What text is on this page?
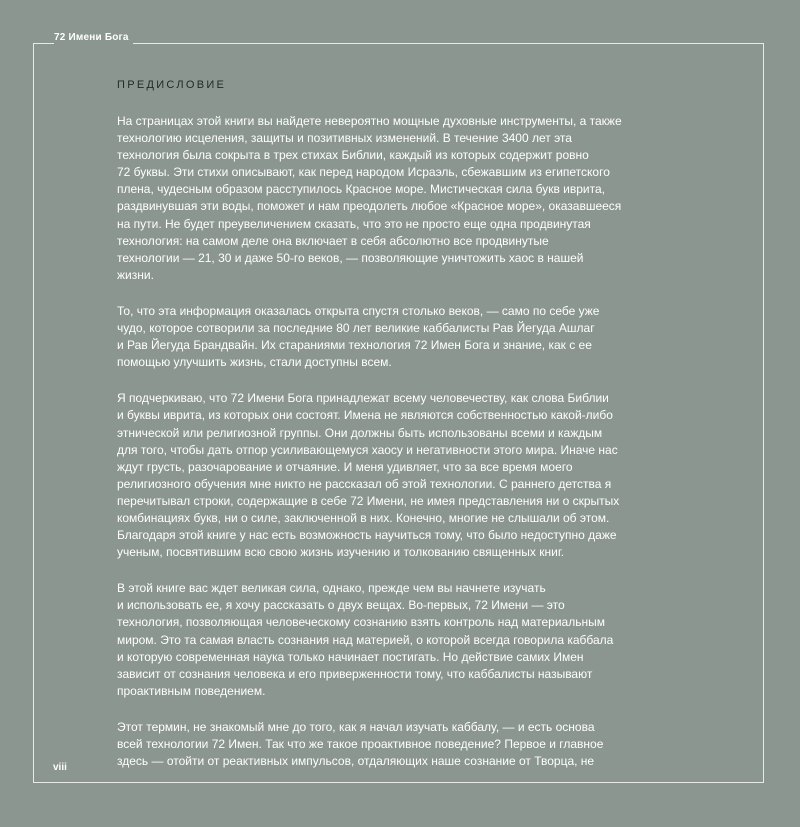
72 Имени Бога
ПРЕДИСЛОВИЕ

На страницах этой книги вы найдете невероятно мощные духовные инструменты, а также
технологию исцеления, защиты и позитивных изменений. В течение 3400 лет эта
технология была сокрыта в трех стихах Библии, каждый из которых содержит ровно
72 буквы. Эти стихи описывают, как перед народом Исраэль, сбежавшим из египетского
плена, чудесным образом расступилось Красное море. Мистическая сила букв иврита,
раздвинувшая эти воды, поможет и нам преодолеть любое «Красное море», оказавшееся
на пути. Не будет преувеличением сказать, что это не просто еще одна продвинутая
технология: на самом деле она включает в себя абсолютно все продвинутые
технологии — 21, 30 и даже 50-го веков, — позволяющие уничтожить хаос в нашей
жизни.

То, что эта информация оказалась открыта спустя столько веков, — само по себе уже
чудо, которое сотворили за последние 80 лет великие каббалисты Рав Йегуда Ашлаг
и Рав Йегуда Брандвайн. Их стараниями технология 72 Имен Бога и знание, как с ее
помощью улучшить жизнь, стали доступны всем.

Я подчеркиваю, что 72 Имени Бога принадлежат всему человечеству, как слова Библии
и буквы иврита, из которых они состоят. Имена не являются собственностью какой-либо
этнической или религиозной группы. Они должны быть использованы всеми и каждым
для того, чтобы дать отпор усиливающемуся хаосу и негативности этого мира. Иначе нас
ждут грусть, разочарование и отчаяние. И меня удивляет, что за все время моего
религиозного обучения мне никто не рассказал об этой технологии. С раннего детства я
перечитывал строки, содержащие в себе 72 Имени, не имея представления ни о скрытых
комбинациях букв, ни о силе, заключенной в них. Конечно, многие не слышали об этом.
Благодаря этой книге у нас есть возможность научиться тому, что было недоступно даже
ученым, посвятившим всю свою жизнь изучению и толкованию священных книг.

В этой книге вас ждет великая сила, однако, прежде чем вы начнете изучать
и использовать ее, я хочу рассказать о двух вещах. Во-первых, 72 Имени — это
технология, позволяющая человеческому сознанию взять контроль над материальным
миром. Это та самая власть сознания над материей, о которой всегда говорила каббала
и которую современная наука только начинает постигать. Но действие самих Имен
зависит от сознания человека и его приверженности тому, что каббалисты называют
проактивным поведением.

Этот термин, не знакомый мне до того, как я начал изучать каббалу, — и есть основа
всей технологии 72 Имен. Так что же такое проактивное поведение? Первое и главное
здесь — отойти от реактивных импульсов, отдаляющих наше сознание от Творца, не

viii
